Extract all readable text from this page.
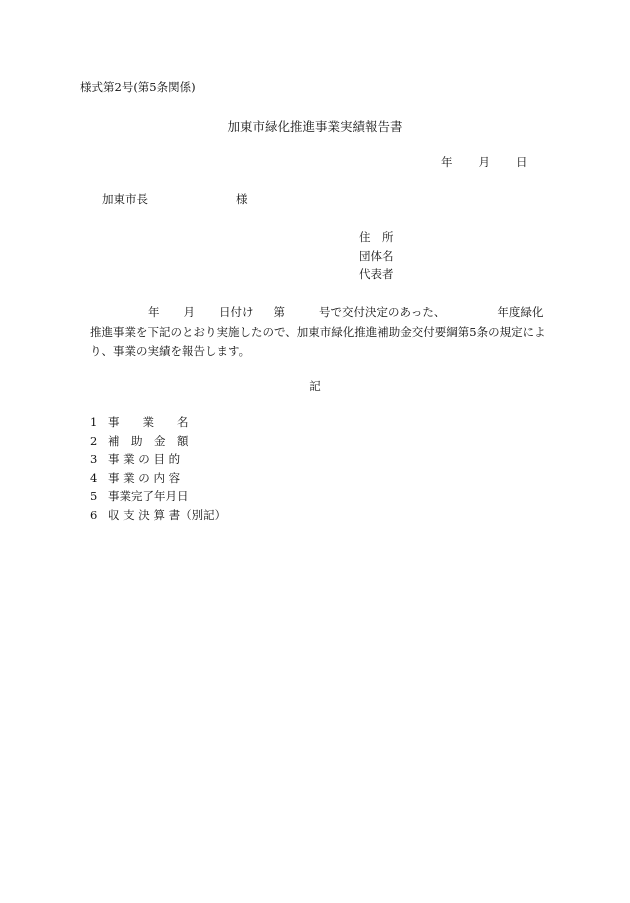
様式第2号(第5条関係)
加東市緑化推進事業実績報告書
年 月 日
加東市長	様
住　所
団体名
代表者
年 月 日付け 第	号で交付決定のあった、	年度緑化
推進事業を下記のとおり実施したので、加東市緑化推進補助金交付要綱第5条の規定によ
り、事業の実績を報告します。
記
1 事　　業　　名
2 補　助　金　額
3 事 業 の 目 的
4 事 業 の 内 容
5 事業完了年月日
6 収 支 決 算 書（別記）
